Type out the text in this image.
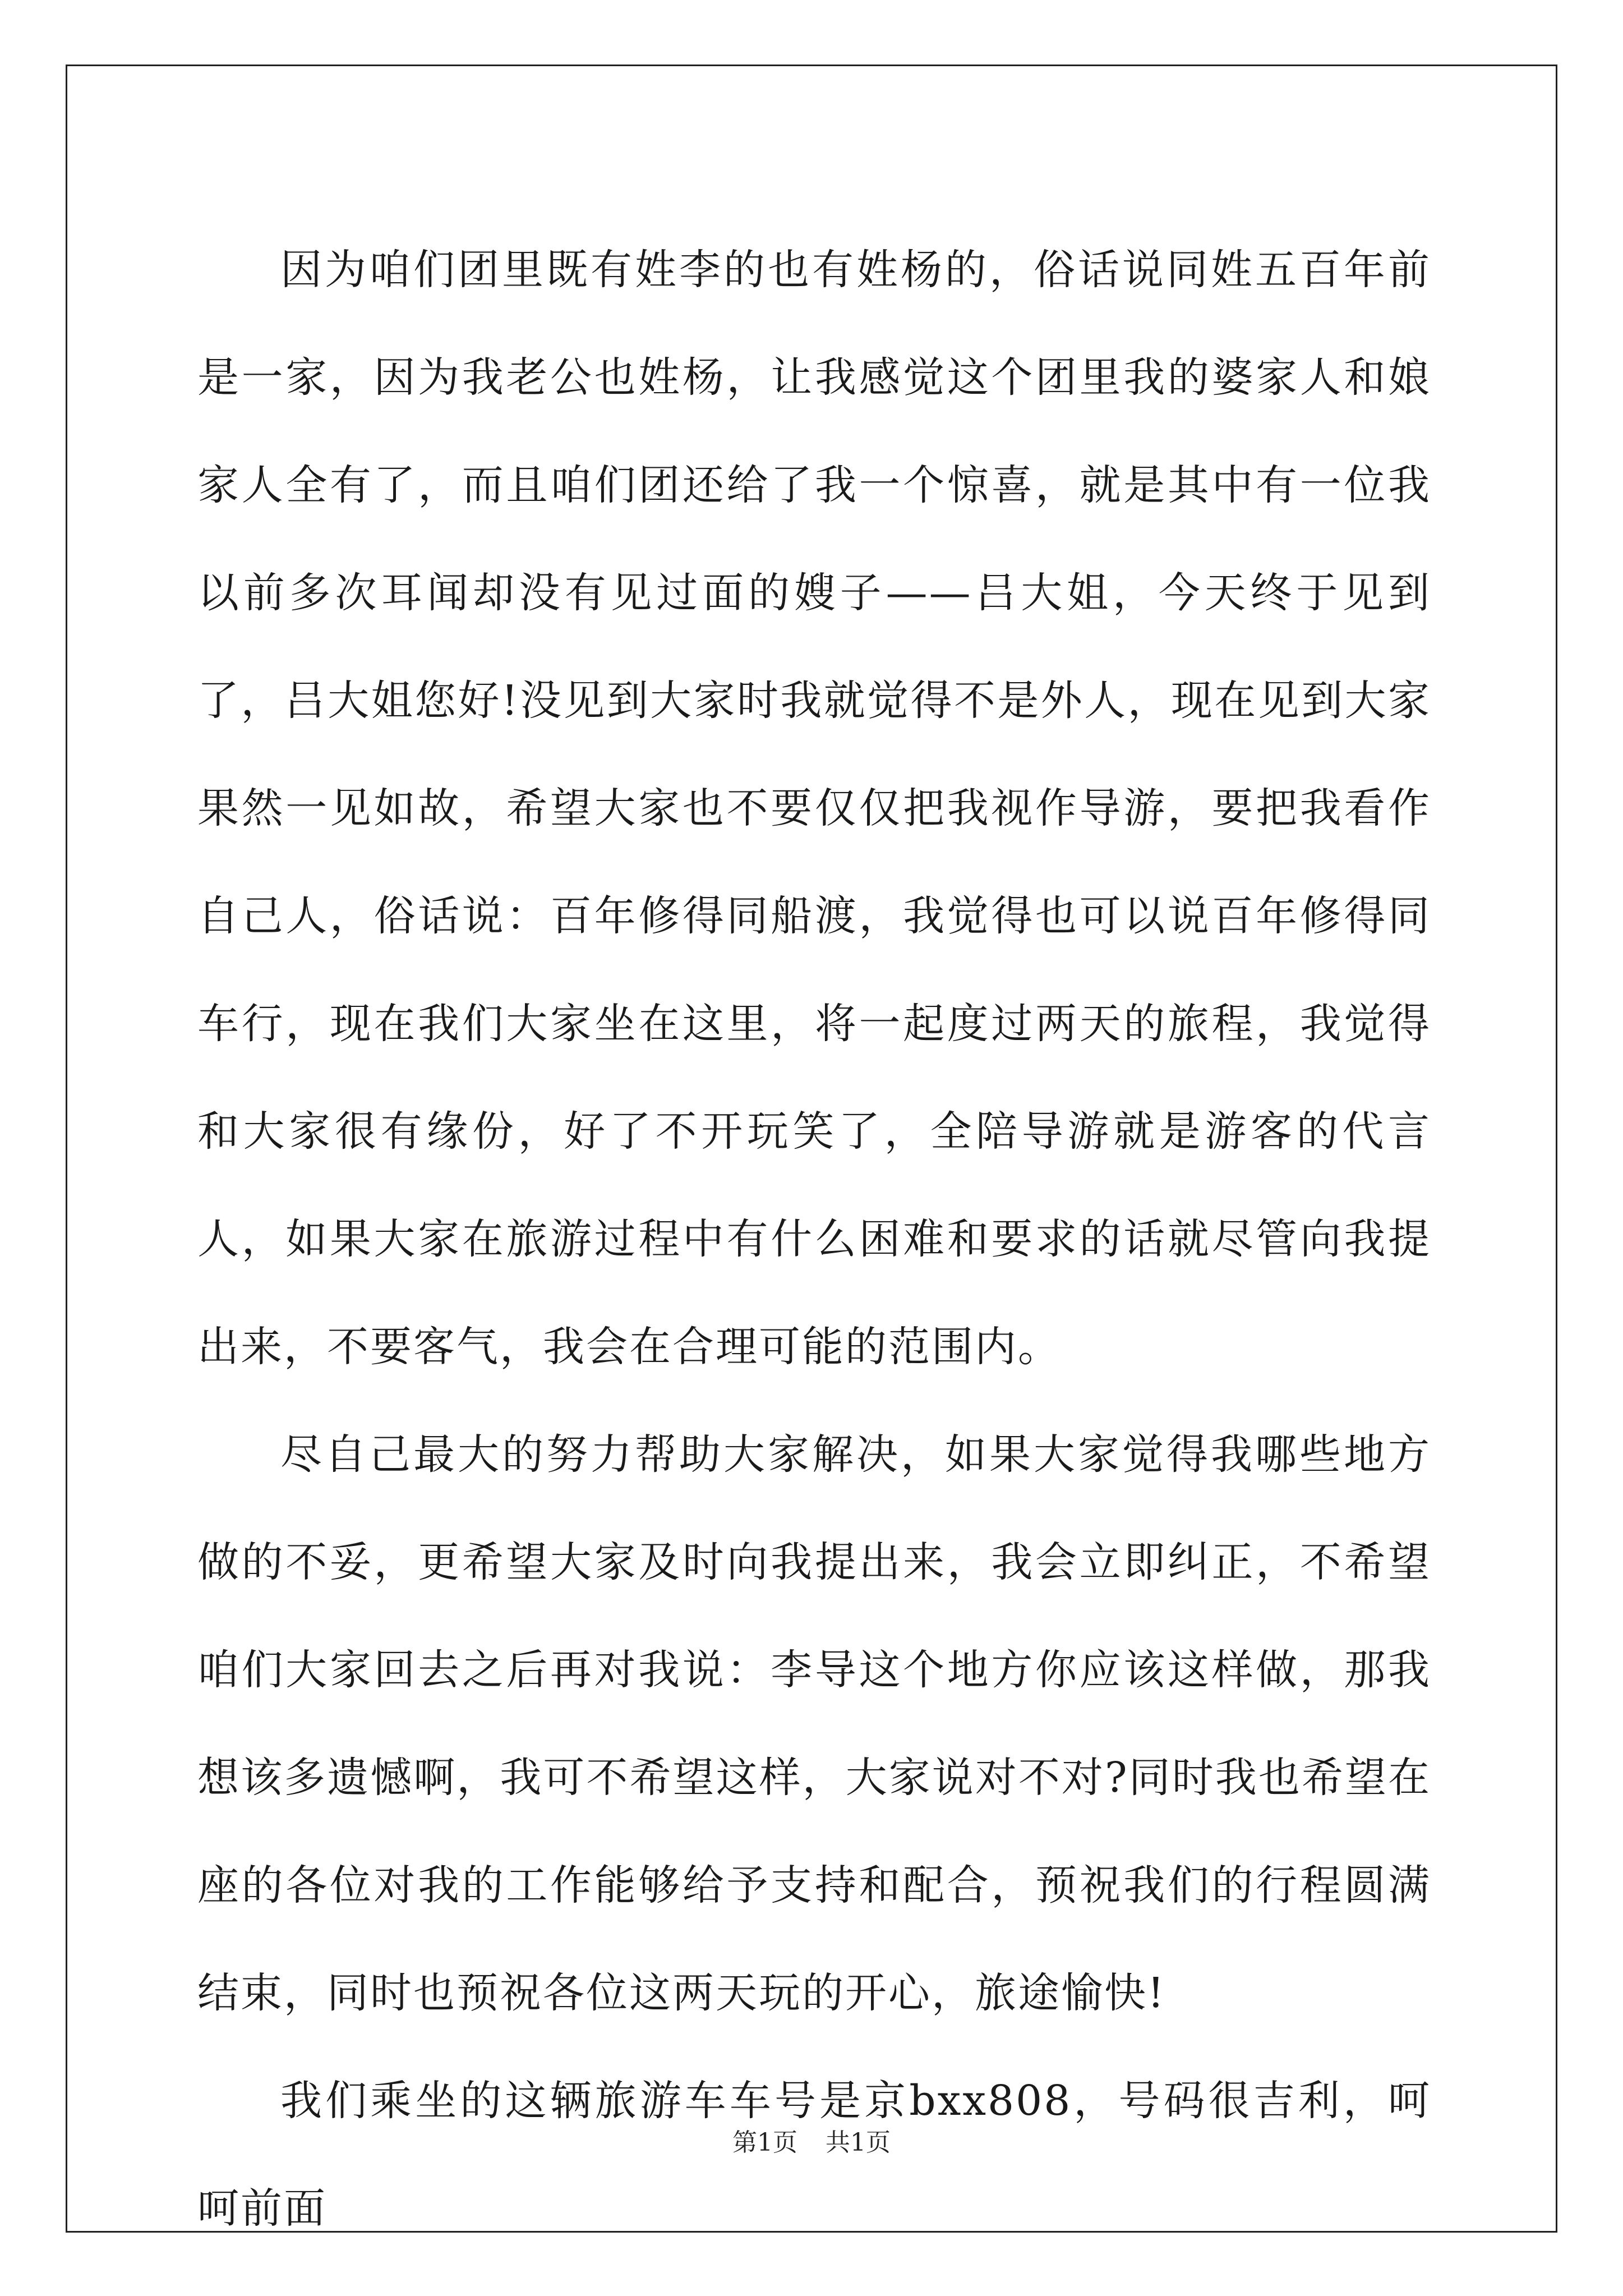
因为咱们团里既有姓李的也有姓杨的，俗话说同姓五百年前是一家，因为我老公也姓杨，让我感觉这个团里我的婆家人和娘家人全有了，而且咱们团还给了我一个惊喜，就是其中有一位我以前多次耳闻却没有见过面的嫂子——吕大姐，今天终于见到了，吕大姐您好!没见到大家时我就觉得不是外人，现在见到大家果然一见如故，希望大家也不要仅仅把我视作导游，要把我看作自己人，俗话说：百年修得同船渡，我觉得也可以说百年修得同车行，现在我们大家坐在这里，将一起度过两天的旅程，我觉得和大家很有缘份，好了不开玩笑了，全陪导游就是游客的代言人，如果大家在旅游过程中有什么困难和要求的话就尽管向我提出来，不要客气，我会在合理可能的范围内。

尽自己最大的努力帮助大家解决，如果大家觉得我哪些地方做的不妥，更希望大家及时向我提出来，我会立即纠正，不希望咱们大家回去之后再对我说：李导这个地方你应该这样做，那我想该多遗憾啊，我可不希望这样，大家说对不对?同时我也希望在座的各位对我的工作能够给予支持和配合，预祝我们的行程圆满结束，同时也预祝各位这两天玩的开心，旅途愉快!

我们乘坐的这辆旅游车车号是京bxx808，号码很吉利，呵呵前面

第1页 共1页
